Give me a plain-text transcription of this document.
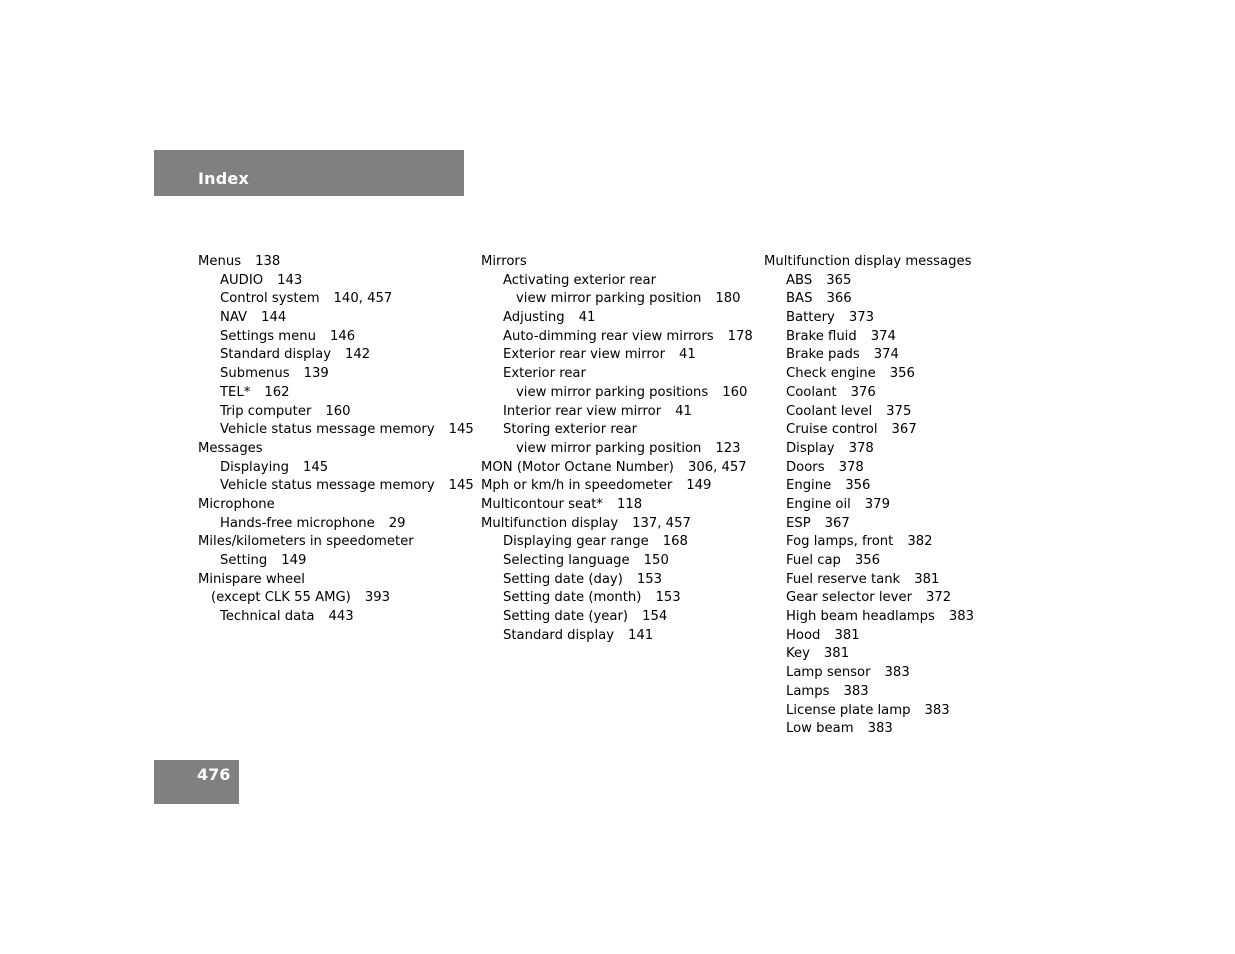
Index
Menus 138
AUDIO 143
Control system 140, 457
NAV 144
Settings menu 146
Standard display 142
Submenus 139
TEL* 162
Trip computer 160
Vehicle status message memory 145
Messages
Displaying 145
Vehicle status message memory 145
Microphone
Hands-free microphone 29
Miles/kilometers in speedometer
Setting 149
Minispare wheel
(except CLK 55 AMG) 393
Technical data 443
Mirrors
Activating exterior rear
view mirror parking position 180
Adjusting 41
Auto-dimming rear view mirrors 178
Exterior rear view mirror 41
Exterior rear
view mirror parking positions 160
Interior rear view mirror 41
Storing exterior rear
view mirror parking position 123
MON (Motor Octane Number) 306, 457
Mph or km/h in speedometer 149
Multicontour seat* 118
Multifunction display 137, 457
Displaying gear range 168
Selecting language 150
Setting date (day) 153
Setting date (month) 153
Setting date (year) 154
Standard display 141
Multifunction display messages
ABS 365
BAS 366
Battery 373
Brake fluid 374
Brake pads 374
Check engine 356
Coolant 376
Coolant level 375
Cruise control 367
Display 378
Doors 378
Engine 356
Engine oil 379
ESP 367
Fog lamps, front 382
Fuel cap 356
Fuel reserve tank 381
Gear selector lever 372
High beam headlamps 383
Hood 381
Key 381
Lamp sensor 383
Lamps 383
License plate lamp 383
Low beam 383
476
